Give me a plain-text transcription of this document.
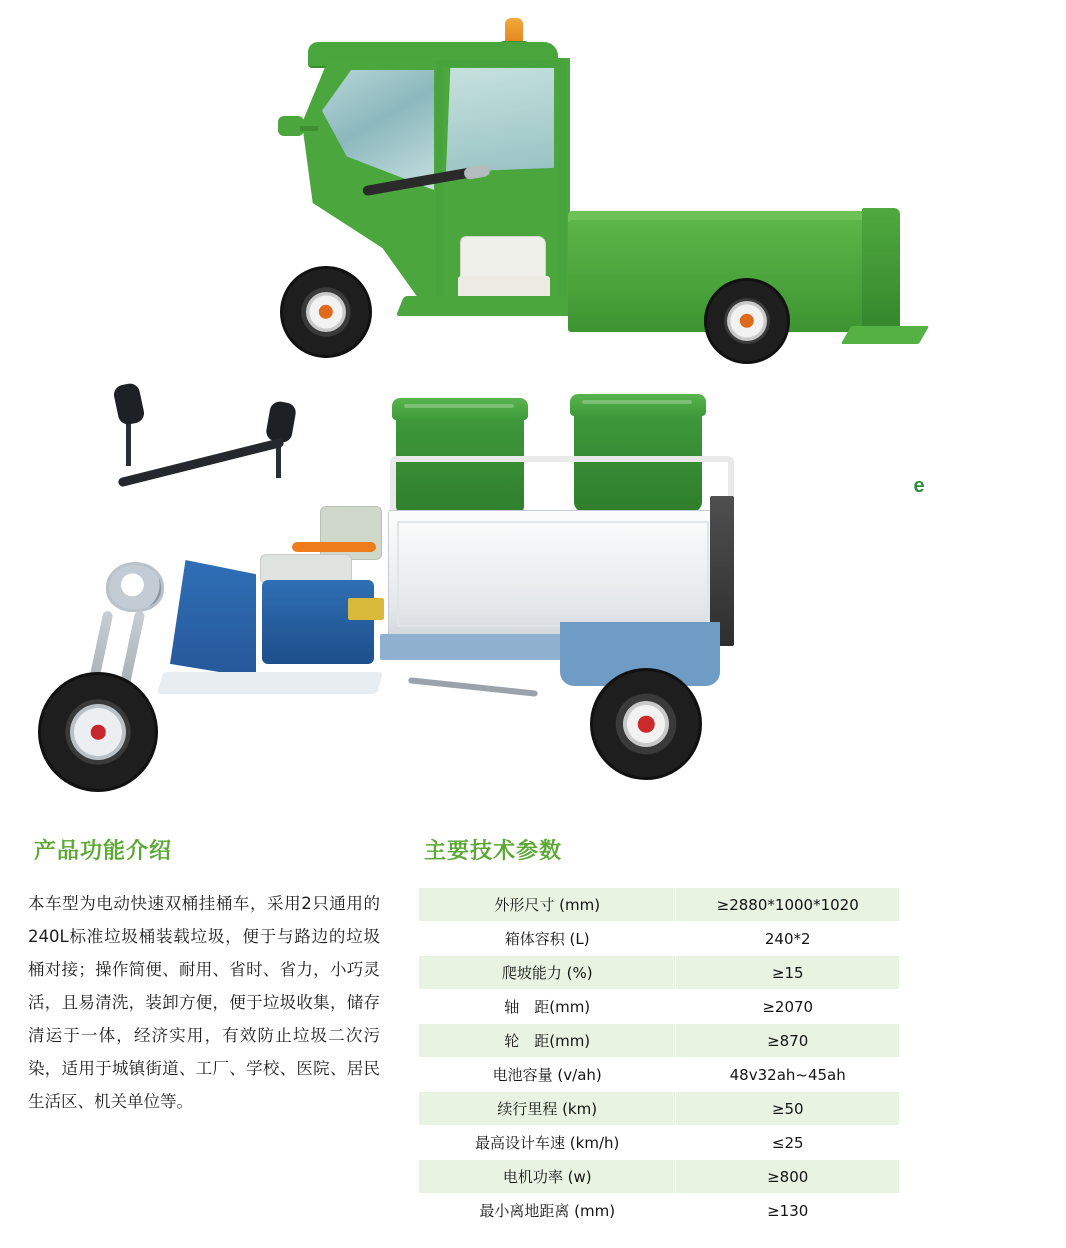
e 北京环卫
BEIJING HUANWEI
产品功能介绍

本车型为电动快速双桶挂桶车，采用2只通用的240L标准垃圾桶装载垃圾，便于与路边的垃圾桶对接；操作简便、耐用、省时、省力，小巧灵活，且易清洗，装卸方便，便于垃圾收集，储存清运于一体，经济实用，有效防止垃圾二次污染，适用于城镇街道、工厂、学校、医院、居民生活区、机关单位等。

主要技术参数
外形尺寸 (mm)	≥2880*1000*1020
箱体容积 (L)	240*2
爬坡能力 (%)	≥15
轴　距(mm)	≥2070
轮　距(mm)	≥870
电池容量 (v/ah)	48v32ah~45ah
续行里程 (km)	≥50
最高设计车速 (km/h)	≤25
电机功率 (w)	≥800
最小离地距离 (mm)	≥130
